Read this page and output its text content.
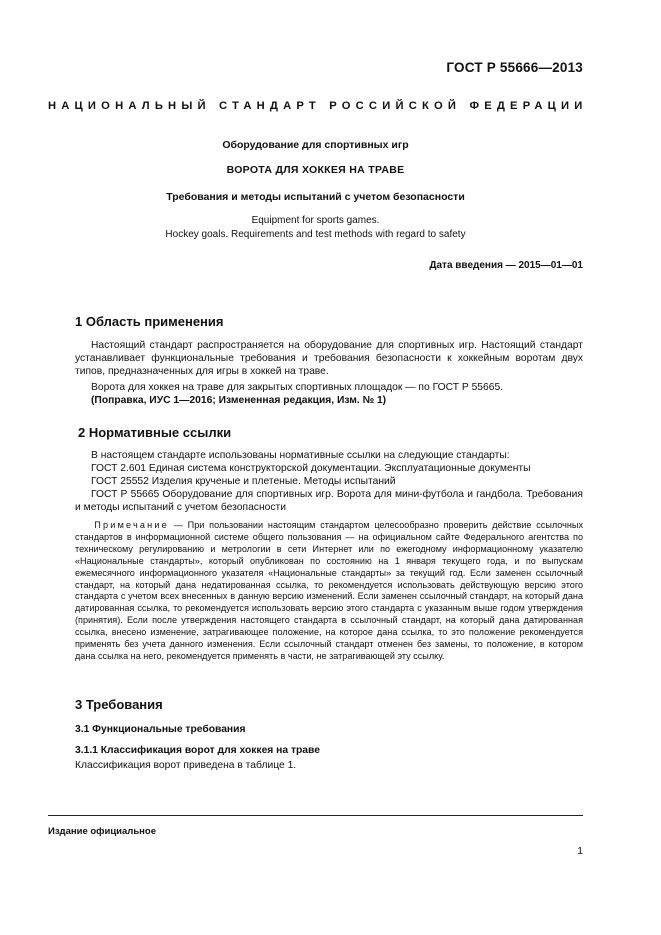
ГОСТ Р 55666—2013
НАЦИОНАЛЬНЫЙ СТАНДАРТ РОССИЙСКОЙ ФЕДЕРАЦИИ
Оборудование для спортивных игр
ВОРОТА ДЛЯ ХОККЕЯ НА ТРАВЕ
Требования и методы испытаний с учетом безопасности
Equipment for sports games.
Hockey goals. Requirements and test methods with regard to safety
Дата введения — 2015—01—01
1 Область применения
Настоящий стандарт распространяется на оборудование для спортивных игр. Настоящий стандарт устанавливает функциональные требования и требования безопасности к хоккейным воротам двух типов, предназначенных для игры в хоккей на траве.
Ворота для хоккея на траве для закрытых спортивных площадок — по ГОСТ Р 55665.
(Поправка, ИУС 1—2016; Измененная редакция, Изм. № 1)
2 Нормативные ссылки
В настоящем стандарте использованы нормативные ссылки на следующие стандарты:
ГОСТ 2.601 Единая система конструкторской документации. Эксплуатационные документы
ГОСТ 25552 Изделия крученые и плетеные. Методы испытаний
ГОСТ Р 55665 Оборудование для спортивных игр. Ворота для мини-футбола и гандбола. Требования и методы испытаний с учетом безопасности
Примечание — При пользовании настоящим стандартом целесообразно проверить действие ссылочных стандартов в информационной системе общего пользования — на официальном сайте Федерального агентства по техническому регулированию и метрологии в сети Интернет или по ежегодному информационному указателю «Национальные стандарты», который опубликован по состоянию на 1 января текущего года, и по выпускам ежемесячного информационного указателя «Национальные стандарты» за текущий год. Если заменен ссылочный стандарт, на который дана недатированная ссылка, то рекомендуется использовать действующую версию этого стандарта с учетом всех внесенных в данную версию изменений. Если заменен ссылочный стандарт, на который дана датированная ссылка, то рекомендуется использовать версию этого стандарта с указанным выше годом утверждения (принятия). Если после утверждения настоящего стандарта в ссылочный стандарт, на который дана датированная ссылка, внесено изменение, затрагивающее положение, на которое дана ссылка, то это положение рекомендуется применять без учета данного изменения. Если ссылочный стандарт отменен без замены, то положение, в котором дана ссылка на него, рекомендуется применять в части, не затрагивающей эту ссылку.
3 Требования
3.1 Функциональные требования
3.1.1 Классификация ворот для хоккея на траве
Классификация ворот приведена в таблице 1.
Издание официальное
1
